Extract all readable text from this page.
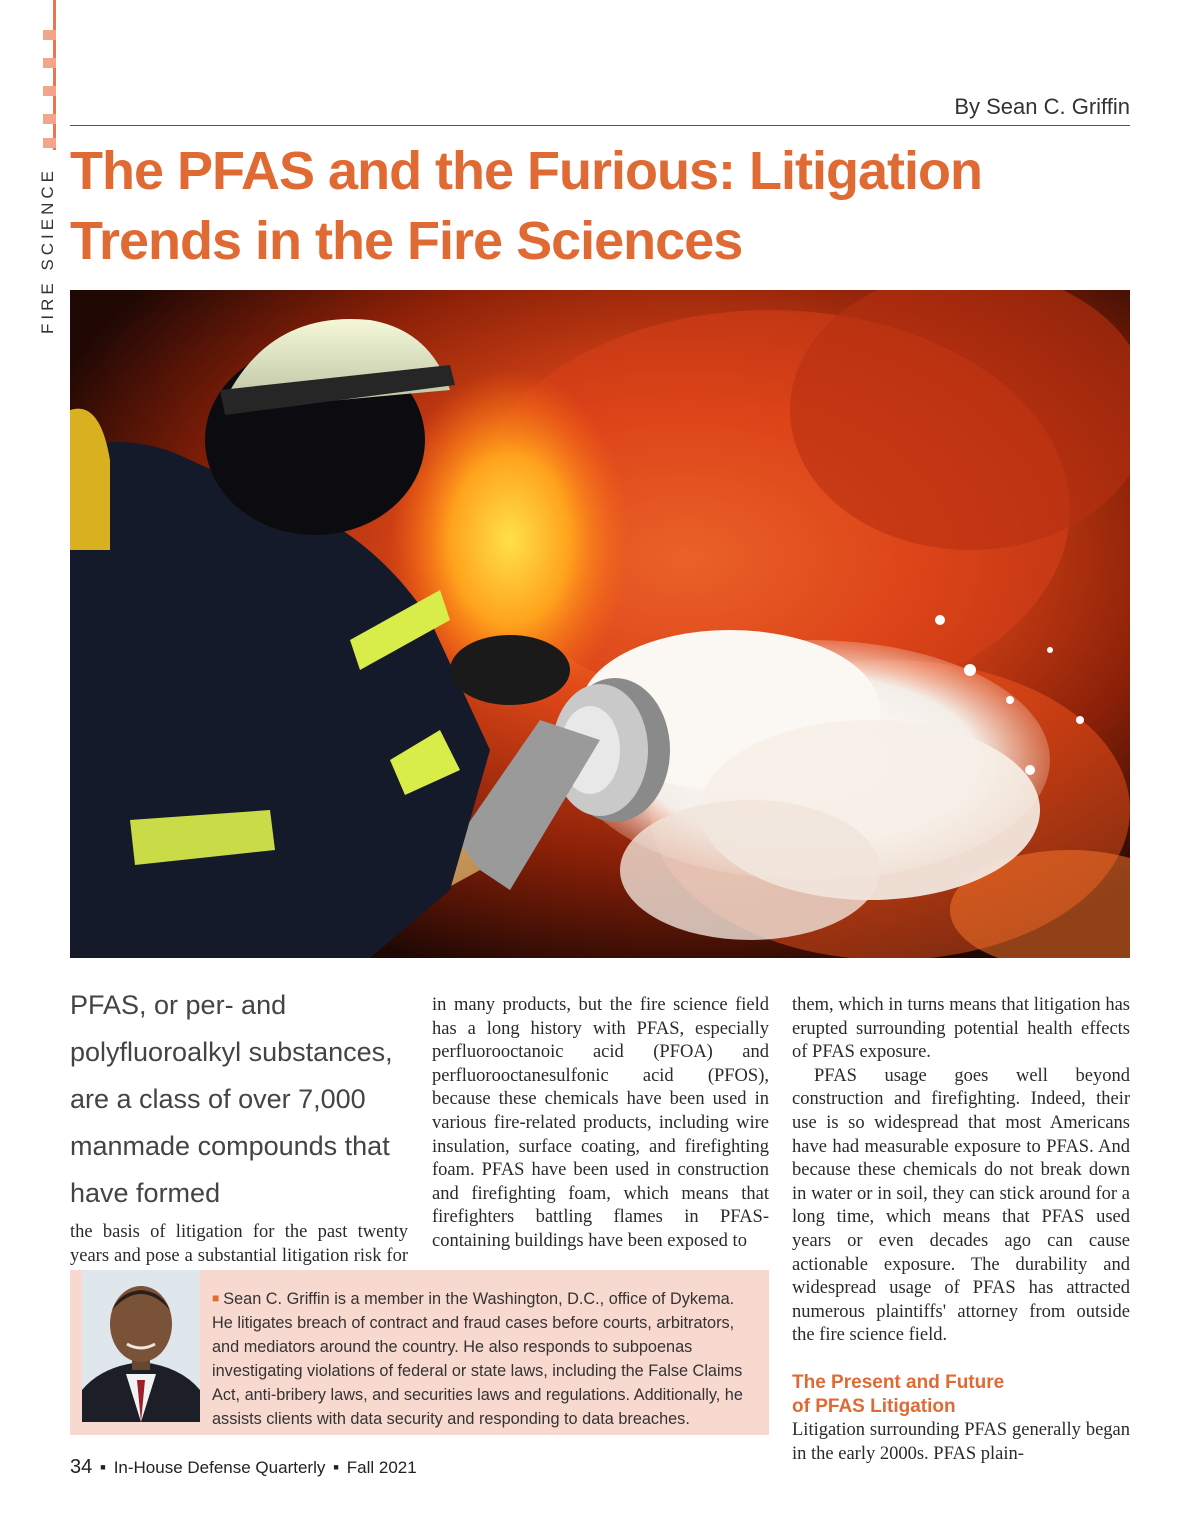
FIRE SCIENCE
By Sean C. Griffin
The PFAS and the Furious: Litigation
Trends in the Fire Sciences
PFAS, or per- and polyfluoroalkyl substances, are a class of over 7,000 manmade compounds that have formed

the basis of litigation for the past twenty years and pose a substantial litigation risk for

in many products, but the fire science field has a long history with PFAS, especially perfluorooctanoic acid (PFOA) and perfluorooctanesulfonic acid (PFOS), because these chemicals have been used in various fire-related products, including wire insulation, surface coating, and firefighting foam. PFAS have been used in construction and firefighting foam, which means that firefighters battling flames in PFAS-containing buildings have been exposed to

them, which in turns means that litigation has erupted surrounding potential health effects of PFAS exposure.

PFAS usage goes well beyond construction and firefighting. Indeed, their use is so widespread that most Americans have had measurable exposure to PFAS. And because these chemicals do not break down in water or in soil, they can stick around for a long time, which means that PFAS used years or even decades ago can cause actionable exposure. The durability and widespread usage of PFAS has attracted numerous plaintiffs' attorney from outside the fire science field.

The Present and Future
of PFAS Litigation

Litigation surrounding PFAS generally began in the early 2000s. PFAS plain-

■ Sean C. Griffin is a member in the Washington, D.C., office of Dykema. He litigates breach of contract and fraud cases before courts, arbitrators, and mediators around the country. He also responds to subpoenas investigating violations of federal or state laws, including the False Claims Act, anti-bribery laws, and securities laws and regulations. Additionally, he assists clients with data security and responding to data breaches.
34 ■ In-House Defense Quarterly ■ Fall 2021
